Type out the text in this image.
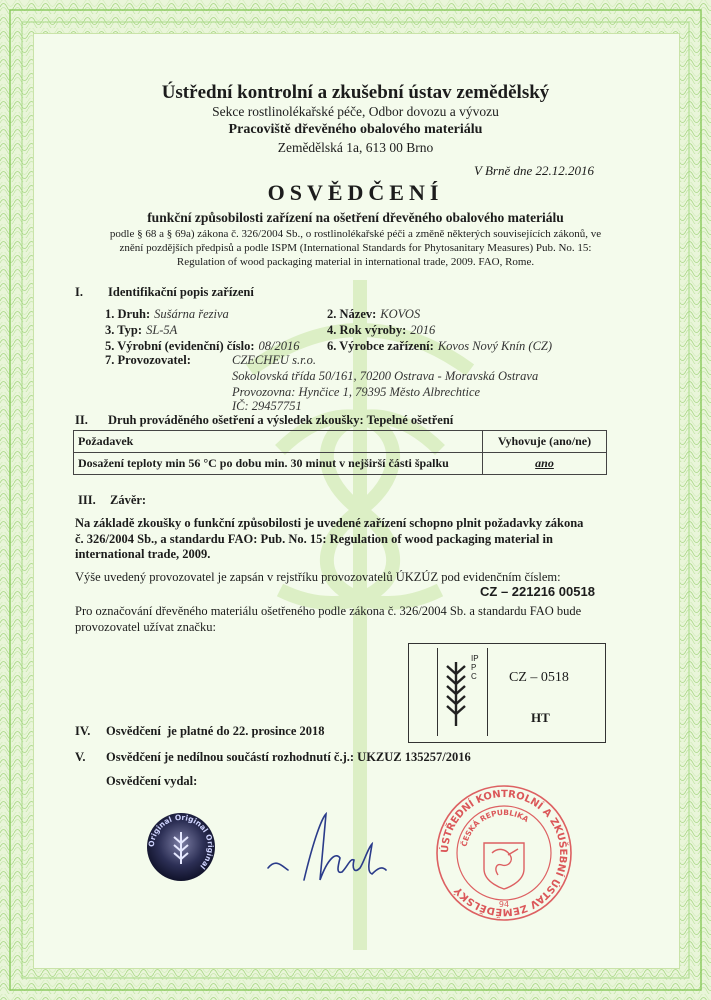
Ústřední kontrolní a zkušební ústav zemědělský
Sekce rostlinolékařské péče, Odbor dovozu a vývozu
Pracoviště dřevěného obalového materiálu
Zemědělská 1a, 613 00 Brno
V Brně dne 22.12.2016
OSVĚDČENÍ
funkční způsobilosti zařízení na ošetření dřevěného obalového materiálu
podle § 68 a § 69a) zákona č. 326/2004 Sb., o rostlinolékařské péči a změně některých souvisejících zákonů, ve
znění pozdějších předpisů a podle ISPM (International Standards for Phytosanitary Measures) Pub. No. 15:
Regulation of wood packaging material in international trade, 2009. FAO, Rome.
I. Identifikační popis zařízení
1. Druh: Sušárna řeziva	2. Název: KOVOS
3. Typ: SL-5A	4. Rok výroby: 2016
5. Výrobní (evidenční) číslo: 08/2016 6. Výrobce zařízení: Kovos Nový Knín (CZ)
7. Provozovatel:	CZECHEU s.r.o.
Sokolovská třída 50/161, 70200 Ostrava - Moravská Ostrava
Provozovna: Hynčice 1, 79395 Město Albrechtice
IČ: 29457751
II. Druh prováděného ošetření a výsledek zkoušky: Tepelné ošetření
Požadavek	Vyhovuje (ano/ne)
Dosažení teploty min 56 °C po dobu min. 30 minut v nejširší části špalku	ano
III. Závěr:
Na základě zkoušky o funkční způsobilosti je uvedené zařízení schopno plnit požadavky zákona
č. 326/2004 Sb., a standardu FAO: Pub. No. 15: Regulation of wood packaging material in
international trade, 2009.
Výše uvedený provozovatel je zapsán v rejstříku provozovatelů ÚKZÚZ pod evidenčním číslem:
CZ – 221216 00518
Pro označování dřevěného materiálu ošetřeného podle zákona č. 326/2004 Sb. a standardu FAO bude
provozovatel užívat značku:
IPPC CZ – 0518
HT
IV. Osvědčení  je platné do 22. prosince 2018
V. Osvědčení je nedílnou součástí rozhodnutí č.j.: UKZUZ 135257/2016
Osvědčení vydal:
Original Original Original
Hruška
ÚSTŘEDNÍ KONTROLNÍ A ZKUŠEBNÍ ÚSTAV ZEMĚDĚLSKÝ
ČESKÁ REPUBLIKA
94
